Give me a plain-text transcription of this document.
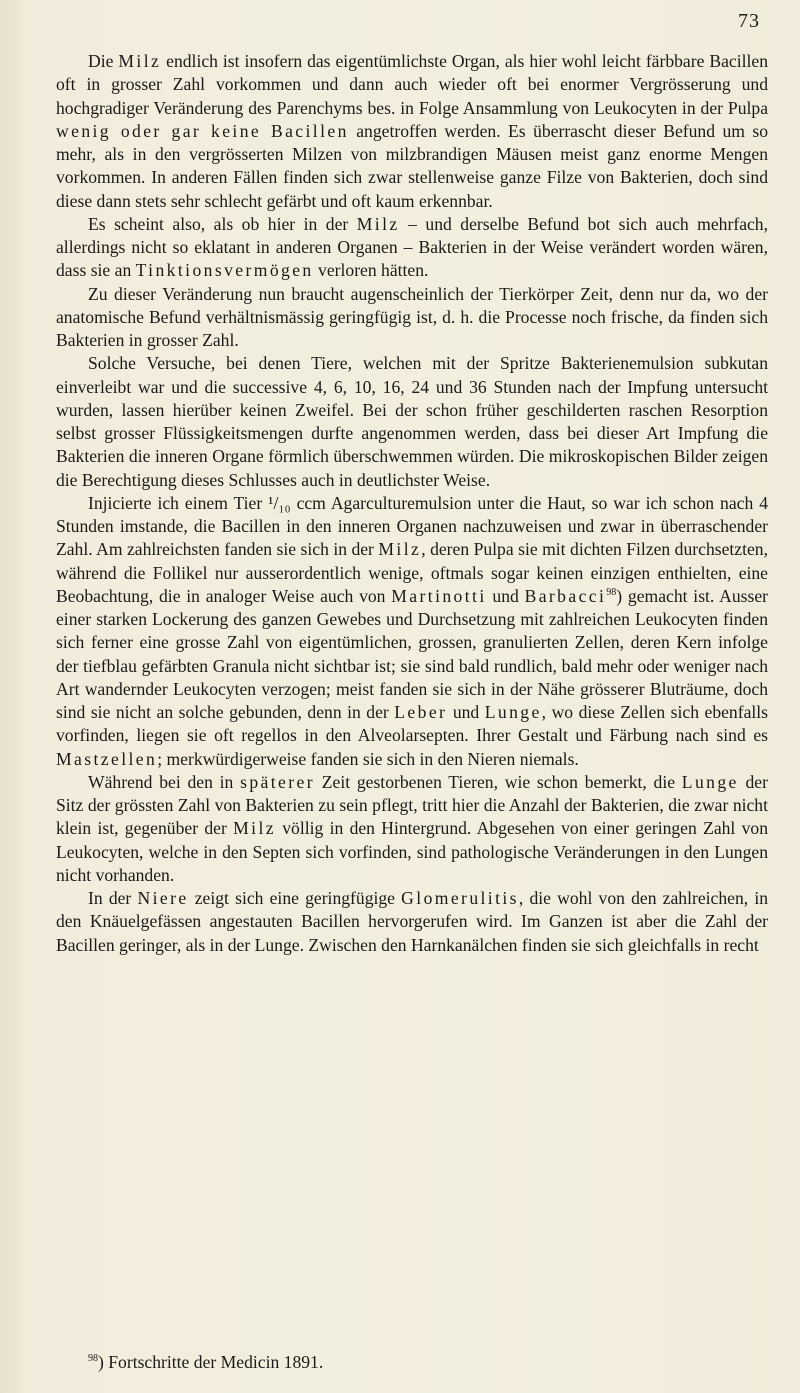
73

Die Milz endlich ist insofern das eigentümlichste Organ, als hier wohl leicht färbbare Bacillen oft in grosser Zahl vorkommen und dann auch wieder oft bei enormer Vergrösserung und hochgradiger Veränderung des Parenchyms bes. in Folge Ansammlung von Leukocyten in der Pulpa wenig oder gar keine Bacillen angetroffen werden. Es überrascht dieser Befund um so mehr, als in den vergrösserten Milzen von milzbrandigen Mäusen meist ganz enorme Mengen vorkommen. In anderen Fällen finden sich zwar stellenweise ganze Filze von Bakterien, doch sind diese dann stets sehr schlecht gefärbt und oft kaum erkennbar.

Es scheint also, als ob hier in der Milz – und derselbe Befund bot sich auch mehrfach, allerdings nicht so eklatant in anderen Organen – Bakterien in der Weise verändert worden wären, dass sie an Tinktionsvermögen verloren hätten.

Zu dieser Veränderung nun braucht augenscheinlich der Tierkörper Zeit, denn nur da, wo der anatomische Befund verhältnismässig geringfügig ist, d. h. die Processe noch frische, da finden sich Bakterien in grosser Zahl.

Solche Versuche, bei denen Tiere, welchen mit der Spritze Bakterienemulsion subkutan einverleibt war und die successive 4, 6, 10, 16, 24 und 36 Stunden nach der Impfung untersucht wurden, lassen hierüber keinen Zweifel. Bei der schon früher geschilderten raschen Resorption selbst grosser Flüssigkeitsmengen durfte angenommen werden, dass bei dieser Art Impfung die Bakterien die inneren Organe förmlich überschwemmen würden. Die mikroskopischen Bilder zeigen die Berechtigung dieses Schlusses auch in deutlichster Weise.

Injicierte ich einem Tier ¹/₁₀ ccm Agarculturemulsion unter die Haut, so war ich schon nach 4 Stunden imstande, die Bacillen in den inneren Organen nachzuweisen und zwar in überraschender Zahl. Am zahlreichsten fanden sie sich in der Milz, deren Pulpa sie mit dichten Filzen durchsetzten, während die Follikel nur ausserordentlich wenige, oftmals sogar keinen einzigen enthielten, eine Beobachtung, die in analoger Weise auch von Martinotti und Barbacci$^{98}$) gemacht ist. Ausser einer starken Lockerung des ganzen Gewebes und Durchsetzung mit zahlreichen Leukocyten finden sich ferner eine grosse Zahl von eigentümlichen, grossen, granulierten Zellen, deren Kern infolge der tiefblau gefärbten Granula nicht sichtbar ist; sie sind bald rundlich, bald mehr oder weniger nach Art wandernder Leukocyten verzogen; meist fanden sie sich in der Nähe grösserer Bluträume, doch sind sie nicht an solche gebunden, denn in der Leber und Lunge, wo diese Zellen sich ebenfalls vorfinden, liegen sie oft regellos in den Alveolarsepten. Ihrer Gestalt und Färbung nach sind es Mastzellen; merkwürdigerweise fanden sie sich in den Nieren niemals.

Während bei den in späterer Zeit gestorbenen Tieren, wie schon bemerkt, die Lunge der Sitz der grössten Zahl von Bakterien zu sein pflegt, tritt hier die Anzahl der Bakterien, die zwar nicht klein ist, gegenüber der Milz völlig in den Hintergrund. Abgesehen von einer geringen Zahl von Leukocyten, welche in den Septen sich vorfinden, sind pathologische Veränderungen in den Lungen nicht vorhanden.

In der Niere zeigt sich eine geringfügige Glomerulitis, die wohl von den zahlreichen, in den Knäuelgefässen angestauten Bacillen hervorgerufen wird. Im Ganzen ist aber die Zahl der Bacillen geringer, als in der Lunge. Zwischen den Harnkanälchen finden sie sich gleichfalls in recht

$^{98}$) Fortschritte der Medicin 1891.
